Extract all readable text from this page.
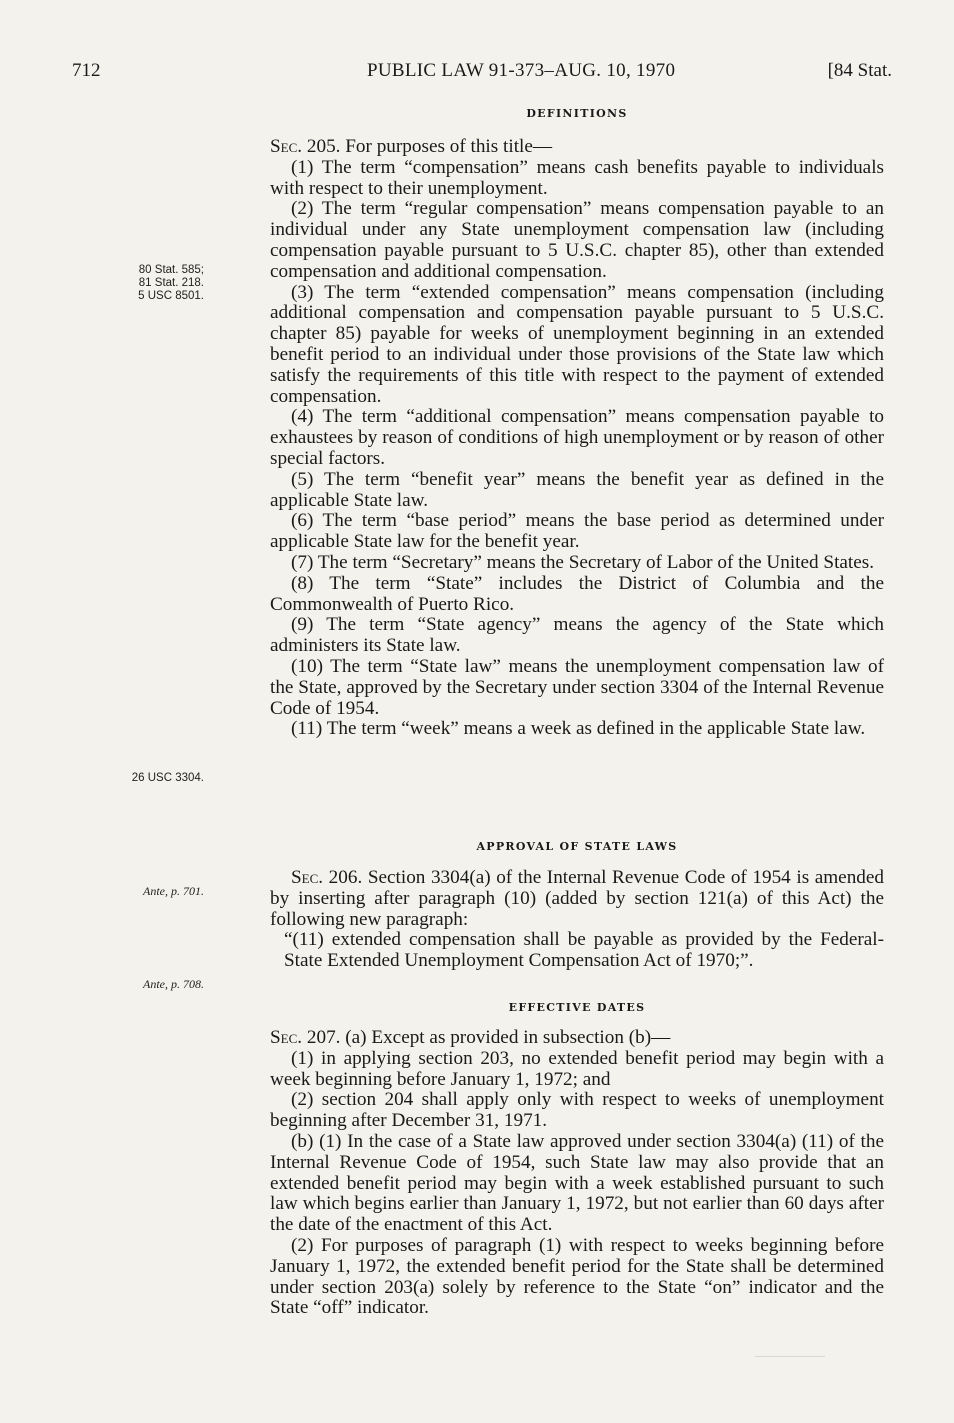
712	PUBLIC LAW 91-373–AUG. 10, 1970	[84 Stat.
DEFINITIONS

Sec. 205. For purposes of this title—

(1) The term “compensation” means cash benefits payable to individuals with respect to their unemployment.

(2) The term “regular compensation” means compensation payable to an individual under any State unemployment compensation law (including compensation payable pursuant to 5 U.S.C. chapter 85), other than extended compensation and additional compensation.

(3) The term “extended compensation” means compensation (including additional compensation and compensation payable pursuant to 5 U.S.C. chapter 85) payable for weeks of unemployment beginning in an extended benefit period to an individual under those provisions of the State law which satisfy the requirements of this title with respect to the payment of extended compensation.

(4) The term “additional compensation” means compensation payable to exhaustees by reason of conditions of high unemployment or by reason of other special factors.

(5) The term “benefit year” means the benefit year as defined in the applicable State law.

(6) The term “base period” means the base period as determined under applicable State law for the benefit year.

(7) The term “Secretary” means the Secretary of Labor of the United States.

(8) The term “State” includes the District of Columbia and the Commonwealth of Puerto Rico.

(9) The term “State agency” means the agency of the State which administers its State law.

(10) The term “State law” means the unemployment compensation law of the State, approved by the Secretary under section 3304 of the Internal Revenue Code of 1954.

(11) The term “week” means a week as defined in the applicable State law.

APPROVAL OF STATE LAWS

Sec. 206. Section 3304(a) of the Internal Revenue Code of 1954 is amended by inserting after paragraph (10) (added by section 121(a) of this Act) the following new paragraph:

“(11) extended compensation shall be payable as provided by the Federal-State Extended Unemployment Compensation Act of 1970;”.

EFFECTIVE DATES

Sec. 207. (a) Except as provided in subsection (b)—

(1) in applying section 203, no extended benefit period may begin with a week beginning before January 1, 1972; and

(2) section 204 shall apply only with respect to weeks of unemployment beginning after December 31, 1971.

(b) (1) In the case of a State law approved under section 3304(a) (11) of the Internal Revenue Code of 1954, such State law may also provide that an extended benefit period may begin with a week established pursuant to such law which begins earlier than January 1, 1972, but not earlier than 60 days after the date of the enactment of this Act.

(2) For purposes of paragraph (1) with respect to weeks beginning before January 1, 1972, the extended benefit period for the State shall be determined under section 203(a) solely by reference to the State “on” indicator and the State “off” indicator.

80 Stat. 585;
81 Stat. 218.
5 USC 8501.
26 USC 3304.
Ante, p. 701.
Ante, p. 708.
